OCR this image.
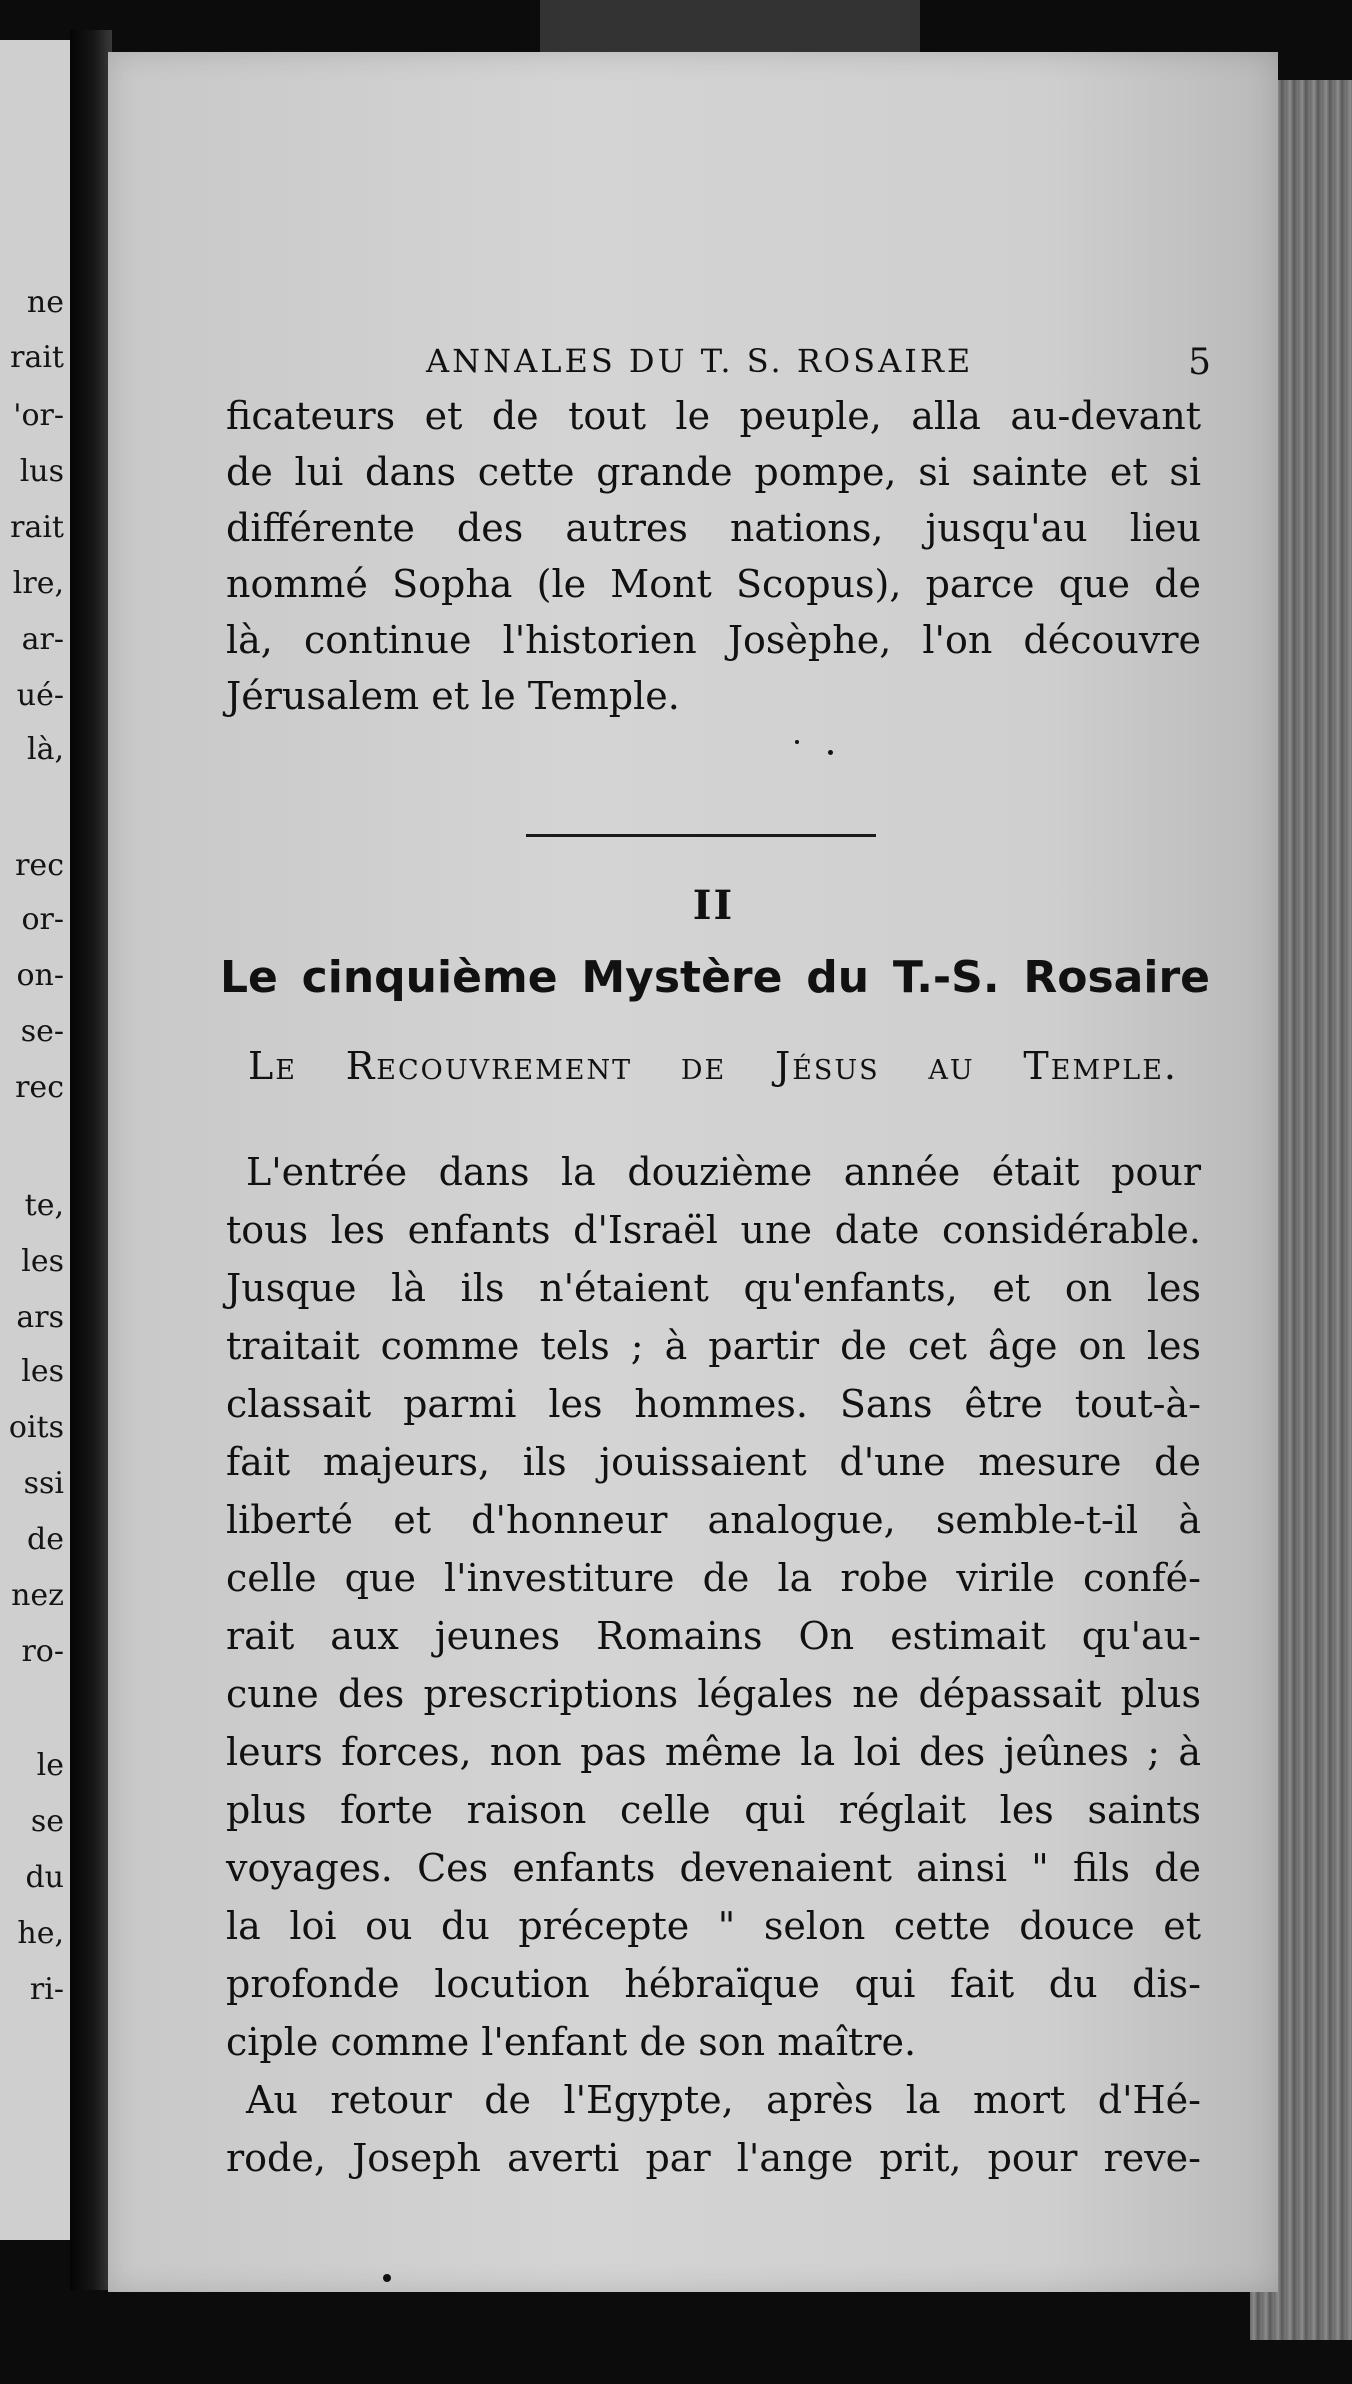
ne
rait
'or-
lus
rait
lre,
ar-
ué-
là,
rec
or-
on-
se-
rec
te,
les
ars
les
oits
ssi
de
nez
ro-
le
se
du
he,
ri-
ANNALES DU T. S. ROSAIRE	5
ficateurs et de tout le peuple, alla au-devant
de lui dans cette grande pompe, si sainte et si
différente des autres nations, jusqu'au lieu
nommé Sopha (le Mont Scopus), parce que de
là, continue l'historien Josèphe, l'on découvre
Jérusalem et le Temple.
II
Le cinquième Mystère du T.-S. Rosaire
Le Recouvrement de Jésus au Temple.
L'entrée dans la douzième année était pour
tous les enfants d'Israël une date considérable.
Jusque là ils n'étaient qu'enfants, et on les
traitait comme tels ; à partir de cet âge on les
classait parmi les hommes. Sans être tout-à-
fait majeurs, ils jouissaient d'une mesure de
liberté et d'honneur analogue, semble-t-il à
celle que l'investiture de la robe virile confé-
rait aux jeunes Romains On estimait qu'au-
cune des prescriptions légales ne dépassait plus
leurs forces, non pas même la loi des jeûnes ; à
plus forte raison celle qui réglait les saints
voyages. Ces enfants devenaient ainsi " fils de
la loi ou du précepte " selon cette douce et
profonde locution hébraïque qui fait du dis-
ciple comme l'enfant de son maître.
Au retour de l'Egypte, après la mort d'Hé-
rode, Joseph averti par l'ange prit, pour reve-
